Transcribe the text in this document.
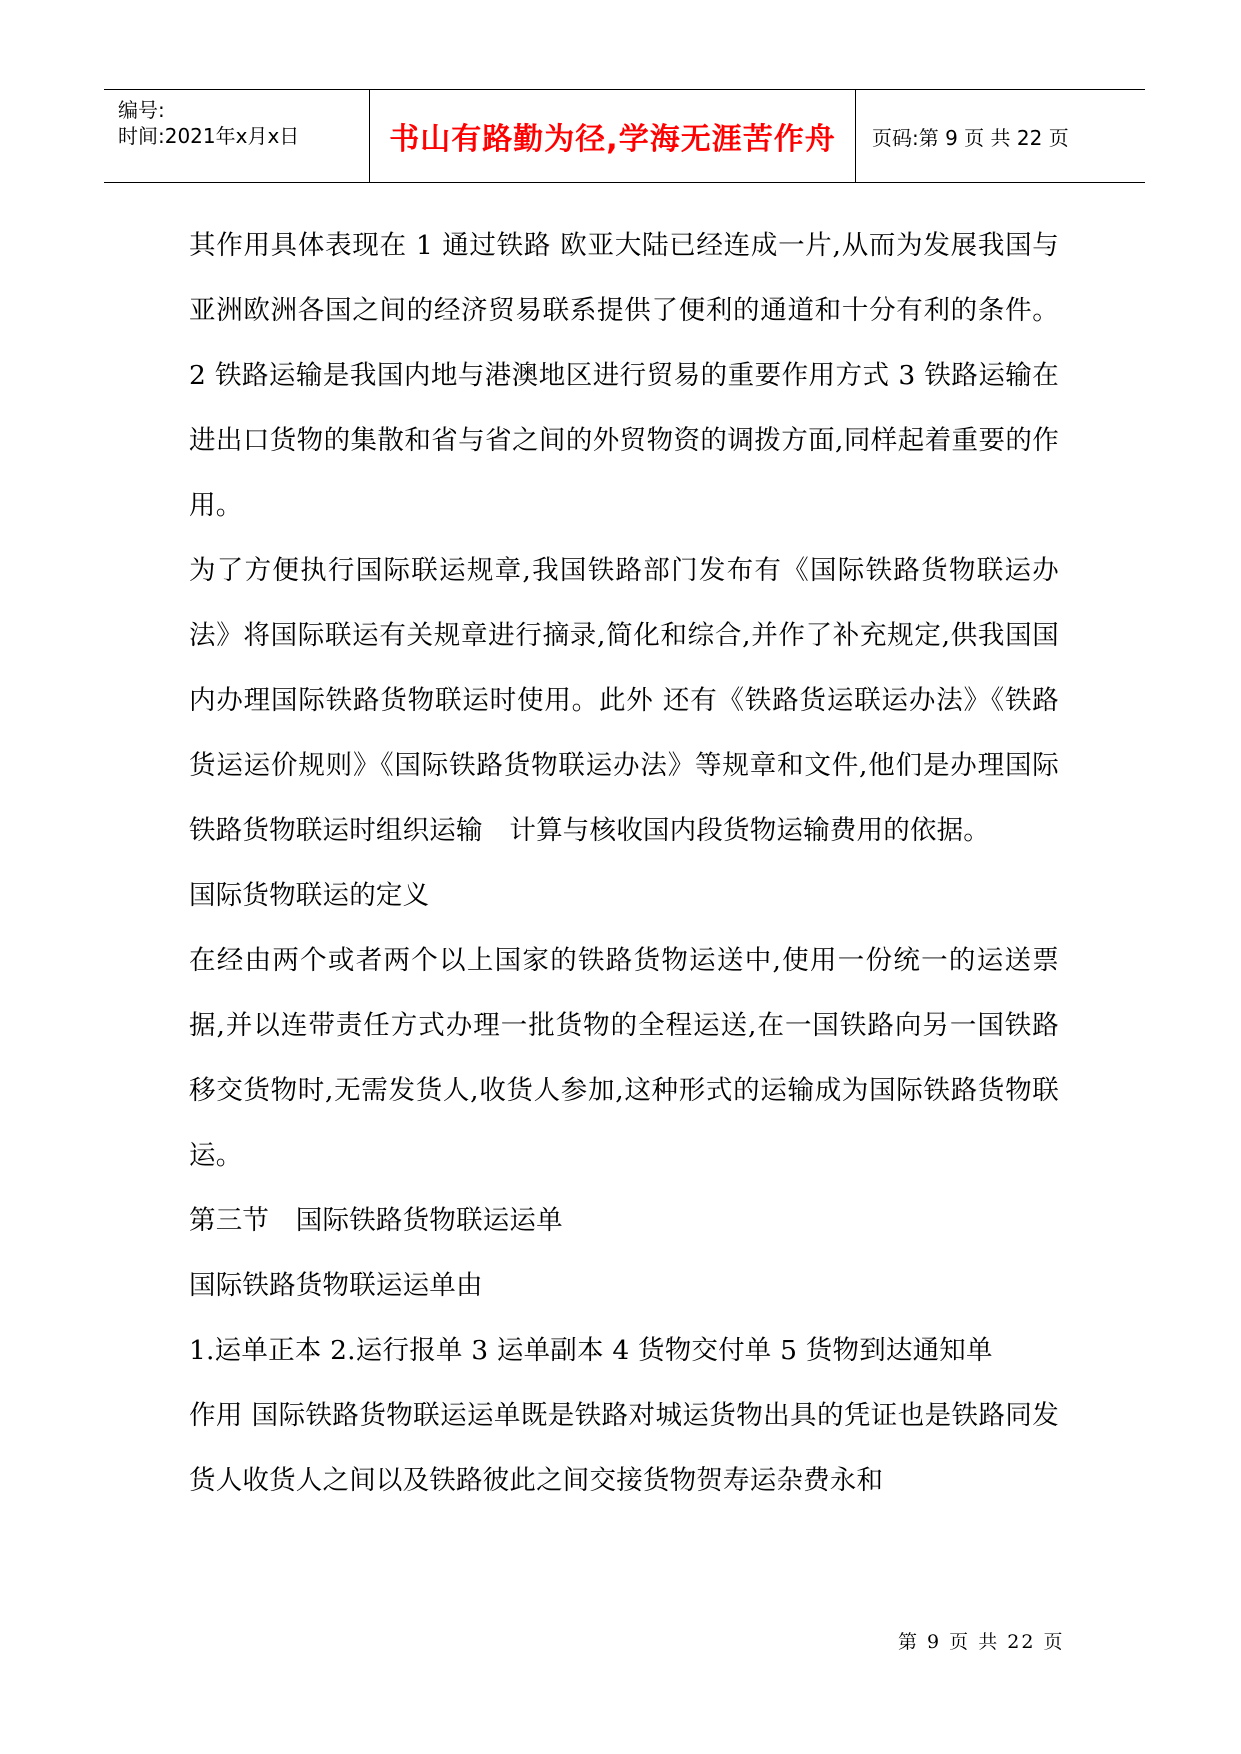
编号:
时间:2021年x月x日	书山有路勤为径,学海无涯苦作舟	页码:第 9 页 共 22 页

其作用具体表现在 1 通过铁路 欧亚大陆已经连成一片,从而为发展我国与亚洲欧洲各国之间的经济贸易联系提供了便利的通道和十分有利的条件。2 铁路运输是我国内地与港澳地区进行贸易的重要作用方式 3 铁路运输在进出口货物的集散和省与省之间的外贸物资的调拨方面,同样起着重要的作用。

为了方便执行国际联运规章,我国铁路部门发布有《国际铁路货物联运办法》将国际联运有关规章进行摘录,简化和综合,并作了补充规定,供我国国内办理国际铁路货物联运时使用。此外 还有《铁路货运联运办法》《铁路货运运价规则》《国际铁路货物联运办法》等规章和文件,他们是办理国际铁路货物联运时组织运输　计算与核收国内段货物运输费用的依据。

国际货物联运的定义

在经由两个或者两个以上国家的铁路货物运送中,使用一份统一的运送票据,并以连带责任方式办理一批货物的全程运送,在一国铁路向另一国铁路移交货物时,无需发货人,收货人参加,这种形式的运输成为国际铁路货物联运。

第三节　国际铁路货物联运运单

国际铁路货物联运运单由

1.运单正本 2.运行报单 3 运单副本 4 货物交付单 5 货物到达通知单

作用 国际铁路货物联运运单既是铁路对城运货物出具的凭证也是铁路同发货人收货人之间以及铁路彼此之间交接货物贺寿运杂费永和

第 9 页 共 22 页
